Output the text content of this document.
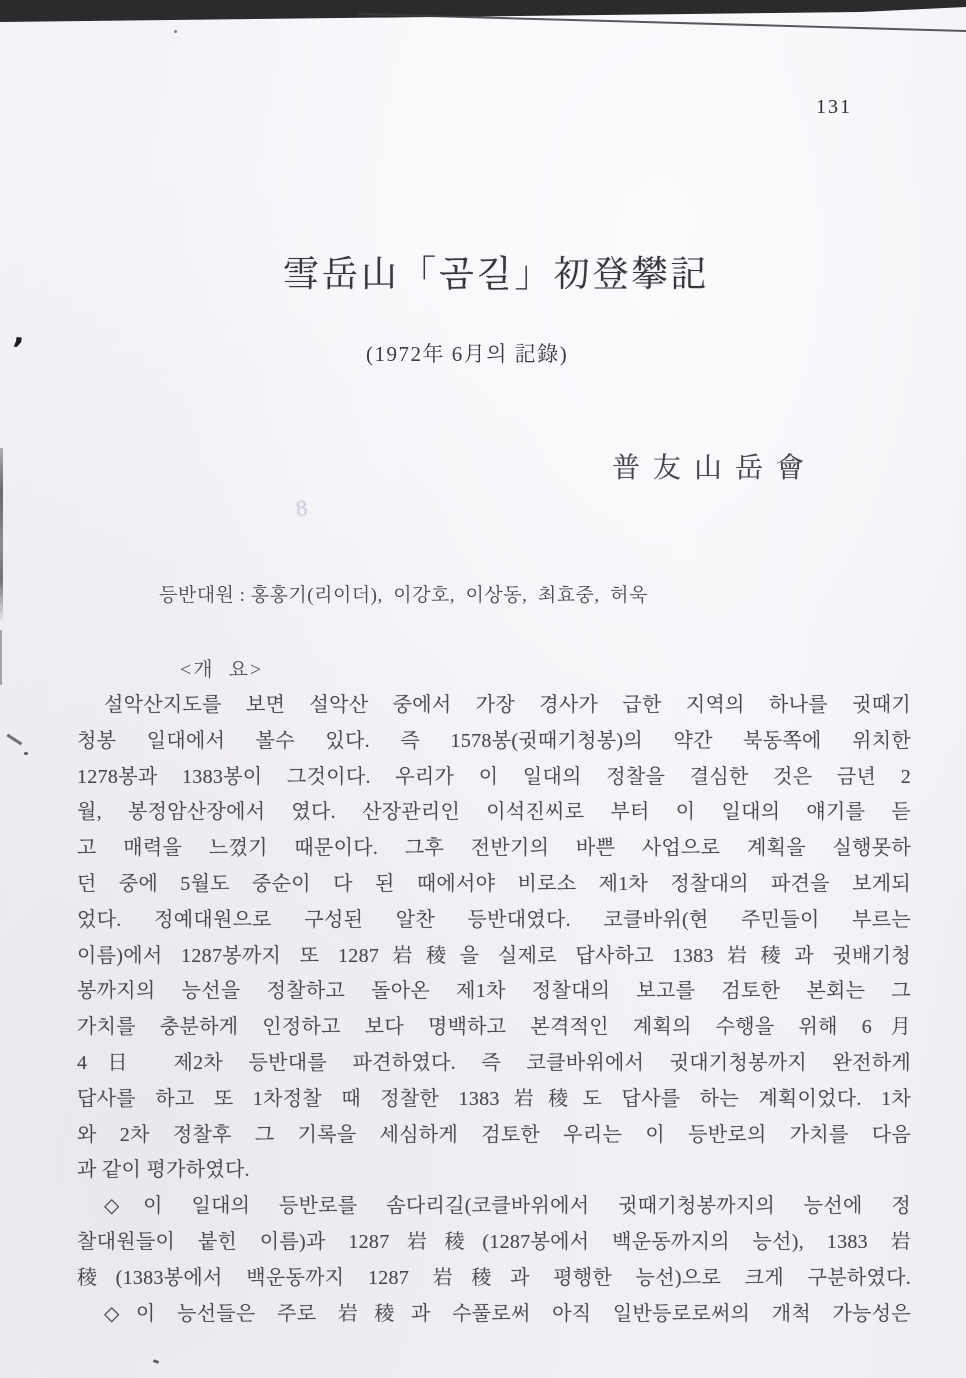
131
雪岳山「곰길」初登攀記
(1972年 6月의 記錄)
普友山岳會
등반대원 : 홍홍기(리이더),  이강호,  이상동,  최효중,  허욱
<개  요>
설악산지도를 보면 설악산 중에서 가장 경사가 급한 지역의 하나를 귓때기
청봉 일대에서 볼수 있다. 즉 1578봉(귓때기청봉)의 약간 북동쪽에 위치한
1278봉과 1383봉이 그것이다. 우리가 이 일대의 정찰을 결심한 것은 금년 2
월, 봉정암산장에서 였다. 산장관리인 이석진씨로 부터 이 일대의 얘기를 듣
고 매력을 느꼈기 때문이다. 그후 전반기의 바쁜 사업으로 계획을 실행못하
던 중에 5월도 중순이 다 된 때에서야 비로소 제1차 정찰대의 파견을 보게되
었다. 정예대원으로 구성된 알찬 등반대였다. 코클바위(현 주민들이 부르는
이름)에서 1287봉까지 또 1287岩稜을 실제로 답사하고 1383岩稜과 귓배기청
봉까지의 능선을 정찰하고 돌아온 제1차 정찰대의 보고를 검토한 본회는 그
가치를 충분하게 인정하고 보다 명백하고 본격적인 계획의 수행을 위해 6月
4日 제2차 등반대를 파견하였다. 즉 코클바위에서 귓대기청봉까지 완전하게
답사를 하고 또 1차정찰 때 정찰한 1383岩稜도 답사를 하는 계획이었다. 1차
와 2차 정찰후 그 기록을 세심하게 검토한 우리는 이 등반로의 가치를 다음
과 같이 평가하였다.
◇이 일대의 등반로를 솜다리길(코클바위에서 귓때기청봉까지의 능선에 정
찰대원들이 붙힌 이름)과 1287岩稜(1287봉에서 백운동까지의 능선), 1383 岩
稜(1383봉에서 백운동까지 1287 岩稜과 평행한 능선)으로 크게 구분하였다.
◇이 능선들은 주로 岩稜과 수풀로써 아직 일반등로로써의 개척 가능성은
,
8
